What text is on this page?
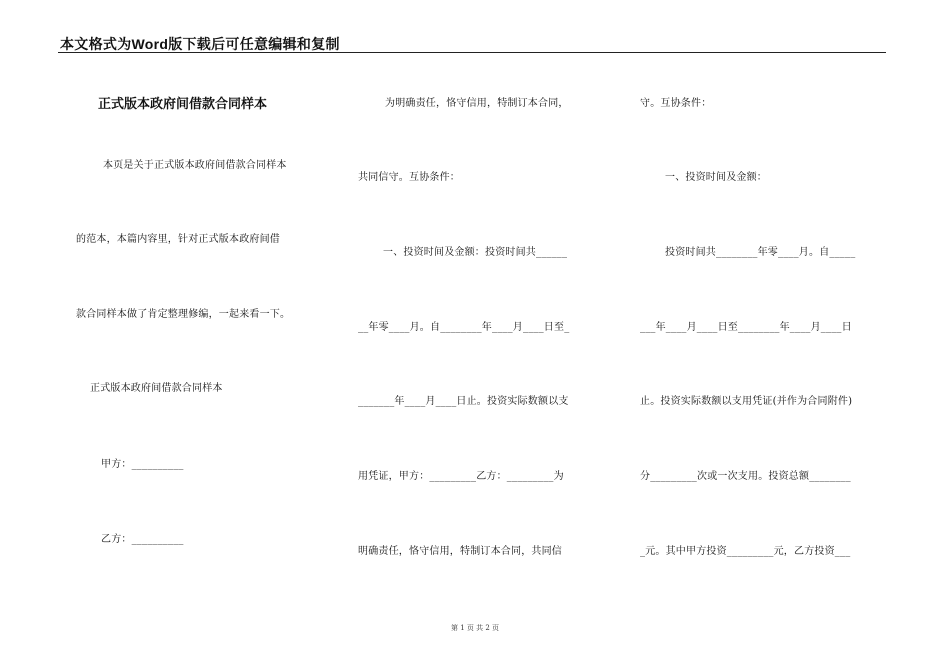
本文格式为Word版下载后可任意编辑和复制
正式版本政府间借款合同样本
本页是关于正式版本政府间借款合同样本
的范本，本篇内容里，针对正式版本政府间借
款合同样本做了肯定整理修编，一起来看一下。
正式版本政府间借款合同样本
甲方：__________
乙方：__________
为明确责任，恪守信用，特制订本合同，
共同信守。互协条件：
一、投资时间及金额：投资时间共______
__年零____月。自________年____月____日至_
_______年____月____日止。投资实际数额以支
用凭证，甲方：_________乙方：_________为
明确责任，恪守信用，特制订本合同，共同信
守。互协条件：
一、投资时间及金额：
投资时间共________年零____月。自_____
___年____月____日至________年____月____日
止。投资实际数额以支用凭证(并作为合同附件)
分_________次或一次支用。投资总额________
_元。其中甲方投资_________元，乙方投资___
第 1 页 共 2 页
